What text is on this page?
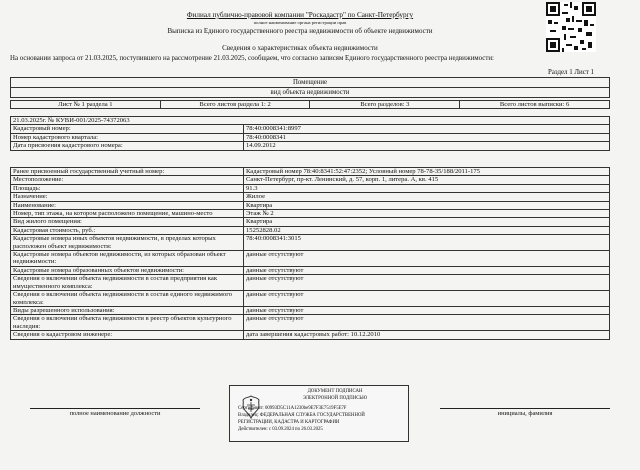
Филиал публично-правовой компании "Роскадастр" по Санкт-Петербургу
полное наименование органа регистрации прав
Выписка из Единого государственного реестра недвижимости об объекте недвижимости
Сведения о характеристиках объекта недвижимости
На основании запроса от 21.03.2025, поступившего на рассмотрение 21.03.2025, сообщаем, что согласно записям Единого государственного реестра недвижимости:
Раздел 1 Лист 1
Помещение
вид объекта недвижимости
Лист № 1 раздела 1	Всего листов раздела 1: 2	Всего разделов: 3	Всего листов выписки: 6
21.03.2025г. № КУВИ-001/2025-74372063	
Кадастровый номер:	78:40:0008341:8997
Номер кадастрового квартала:	78:40:0008341
Дата присвоения кадастрового номера:	14.09.2012
Ранее присвоенный государственный учетный номер:	Кадастровый номер 78:40:8341:52:47:2352; Условный номер 78-78-35/188/2011-175
Местоположение:	Санкт-Петербург, пр-кт. Ленинский, д. 57, корп. 1, литера. А, кв. 415
Площадь:	91.3
Назначение:	Жилое
Наименование:	Квартира
Номер, тип этажа, на котором расположено помещение, машино-место	Этаж № 2
Вид жилого помещения:	Квартира
Кадастровая стоимость, руб.:	15252828.02
Кадастровые номера иных объектов недвижимости, в пределах которых расположен объект недвижимости:	78:40:0008341:3015
Кадастровые номера объектов недвижимости, из которых образован объект недвижимости:	данные отсутствуют
Кадастровые номера образованных объектов недвижимости:	данные отсутствуют
Сведения о включении объекта недвижимости в состав предприятия как имущественного комплекса:	данные отсутствуют
Сведения о включении объекта недвижимости в состав единого недвижимого комплекса:	данные отсутствуют
Виды разрешенного использования:	данные отсутствуют
Сведения о включении объекта недвижимости в реестр объектов культурного наследия:	данные отсутствуют
Сведения о кадастровом инженере:	дата завершения кадастровых работ: 10.12.2010
ДОКУМЕНТ ПОДПИСАН
ЭЛЕКТРОННОЙ ПОДПИСЬЮ
Сертификат: 00993D5C11A1230be9E7F3E7519F5E7F
Владелец: ФЕДЕРАЛЬНАЯ СЛУЖБА ГОСУДАРСТВЕННОЙ
РЕГИСТРАЦИИ, КАДАСТРА И КАРТОГРАФИИ
Действителен: с 03.09.2024 по 26.03.2025
полное наименование должности	инициалы, фамилия
